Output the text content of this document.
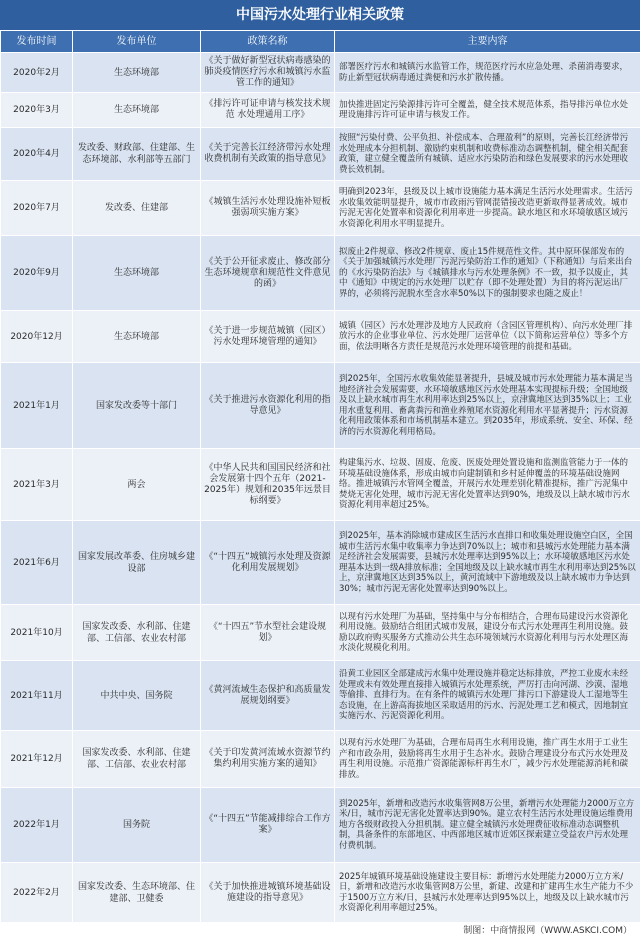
中国污水处理行业相关政策
发布时间	发布单位	政策名称	主要内容
2020年2月	生态环境部	《关于做好新型冠状病毒感染的肺炎疫情医疗污水和城镇污水监管工作的通知》	部署医疗污水和城镇污水监管工作，规范医疗污水应急处理、杀菌消毒要求，防止新型冠状病毒通过粪便和污水扩散传播。
2020年3月	生态环境部	《排污许可证申请与核发技术规范 水处理通用工序》	加快推进固定污染源排污许可全覆盖，健全技术规范体系，指导排污单位水处理设施排污许可证申请与核发工作。
2020年4月	发改委、财政部、住建部、生态环境部、水利部等五部门	《关于完善长江经济带污水处理收费机制有关政策的指导意见》	按照“污染付费、公平负担、补偿成本、合理盈利”的原则，完善长江经济带污水处理成本分担机制、激励约束机制和收费标准动态调整机制，健全相关配套政策，建立健全覆盖所有城镇、适应水污染防治和绿色发展要求的污水处理收费长效机制。
2020年7月	发改委、住建部	《城镇生活污水处理设施补短板强弱项实施方案》	明确到2023年，县级及以上城市设施能力基本满足生活污水处理需求。生活污水收集效能明显提升，城市市政雨污管网混错接改造更新取得显著成效。城市污泥无害化处置率和资源化利用率进一步提高。缺水地区和水环境敏感区域污水资源化利用水平明显提升。
2020年9月	生态环境部	《关于公开征求废止、修改部分生态环境规章和规范性文件意见的函》	拟废止2件规章、修改2件规章、废止15件规范性文件。其中原环保部发布的《关于加强城镇污水处理厂污泥污染防治工作的通知》（下称通知）与后来出台的《水污染防治法》与《城镇排水与污水处理条例》不一致，拟予以废止，其中《通知》中规定的污水处理厂以贮存（即不处理处置）为目的将污泥运出厂界的，必须将污泥脱水至含水率50%以下的强制要求也随之废止！
2020年12月	生态环境部	《关于进一步规范城镇（园区）污水处理环境管理的通知》	城镇（园区）污水处理涉及地方人民政府（含园区管理机构）、向污水处理厂排放污水的企业事业单位、污水处理厂运营单位（以下简称运营单位）等多个方面，依法明晰各方责任是规范污水处理环境管理的前提和基础。
2021年1月	国家发改委等十部门	《关于推进污水资源化利用的指导意见》	到2025年，全国污水收集效能显著提升，县城及城市污水处理能力基本满足当地经济社会发展需要，水环境敏感地区污水处理基本实现提标升级；全国地级及以上缺水城市再生水利用率达到25%以上，京津冀地区达到35%以上；工业用水重复利用、畜禽粪污和渔业养殖尾水资源化利用水平显著提升；污水资源化利用政策体系和市场机制基本建立。到2035年，形成系统、安全、环保、经济的污水资源化利用格局。
2021年3月	两会	《中华人民共和国国民经济和社会发展第十四个五年（2021-2025年）规划和2035年远景目标纲要》	构建集污水、垃圾、固废、危废、医废处理处置设施和监测监管能力于一体的环境基础设施体系，形成由城市向建制镇和乡村延伸覆盖的环境基础设施网络。推进城镇污水管网全覆盖，开展污水处理差别化精准提标，推广污泥集中焚烧无害化处理，城市污泥无害化处置率达到90%，地级及以上缺水城市污水资源化利用率超过25%。
2021年6月	国家发展改革委、住房城乡建设部	《“十四五”城镇污水处理及资源化利用发展规划》	到2025年，基本消除城市建成区生活污水直排口和收集处理设施空白区，全国城市生活污水集中收集率力争达到70%以上；城市和县城污水处理能力基本满足经济社会发展需要，县城污水处理率达到95%以上；水环境敏感地区污水处理基本达到一级A排放标准；全国地级及以上缺水城市再生水利用率达到25%以上，京津冀地区达到35%以上，黄河流域中下游地级及以上缺水城市力争达到30%；城市污泥无害化处置率达到90%以上。
2021年10月	国家发改委、水利部、住建部、工信部、农业农村部	《“十四五”节水型社会建设规划》	以现有污水处理厂为基础，坚持集中与分布相结合，合理布局建设污水资源化利用设施。鼓励结合组团式城市发展，建设分布式污水处理再生利用设施。鼓励以政府购买服务方式推动公共生态环境领域污水资源化利用与污水处理区海水淡化规模化利用。
2021年11月	中共中央、国务院	《黄河流域生态保护和高质量发展规划纲要》	沿黄工业园区全部建成污水集中处理设施并稳定达标排放，严控工业废水未经处理或未有效处理直接排入城镇污水处理系统，严厉打击向河湖、沙漠、湿地等偷排、直排行为。在有条件的城镇污水处理厂排污口下游建设人工湿地等生态设施，在上游高海拔地区采取适用的污水、污泥处理工艺和模式，因地制宜实施污水、污泥资源化利用。
2021年12月	国家发改委、水利部、住建部、工信部、农业农村部	《关于印发黄河流域水资源节约集约利用实施方案的通知》	以现有污水处理厂为基础，合理布局再生水利用设施，推广再生水用于工业生产和市政杂用，鼓励将再生水用于生态补水。鼓励合理建设分布式污水处理及再生利用设施。示范推广资源能源标杆再生水厂，减少污水处理能源消耗和碳排放。
2022年1月	国务院	《“十四五”节能减排综合工作方案》	到2025年，新增和改造污水收集管网8万公里，新增污水处理能力2000万立方米/日，城市污泥无害化处置率达到90%。建立农村生活污水处理设施运维费用地方各级财政投入分担机制。建立健全城镇污水处理费征收标准动态调整机制，具备条件的东部地区、中西部地区城市近郊区探索建立受益农户污水处理付费机制。
2022年2月	国家发改委、生态环境部、住建部、卫健委	《关于加快推进城镇环境基础设施建设的指导意见》	2025年城镇环境基础设施建设主要目标：新增污水处理能力2000万立方米/日，新增和改造污水收集管网8万公里，新建、改建和扩建再生水生产能力不少于1500万立方米/日，县城污水处理率达到95%以上，地级及以上缺水城市污水资源化利用率超过25%。
制图：中商情报网（WWW.ASKCI.COM）
